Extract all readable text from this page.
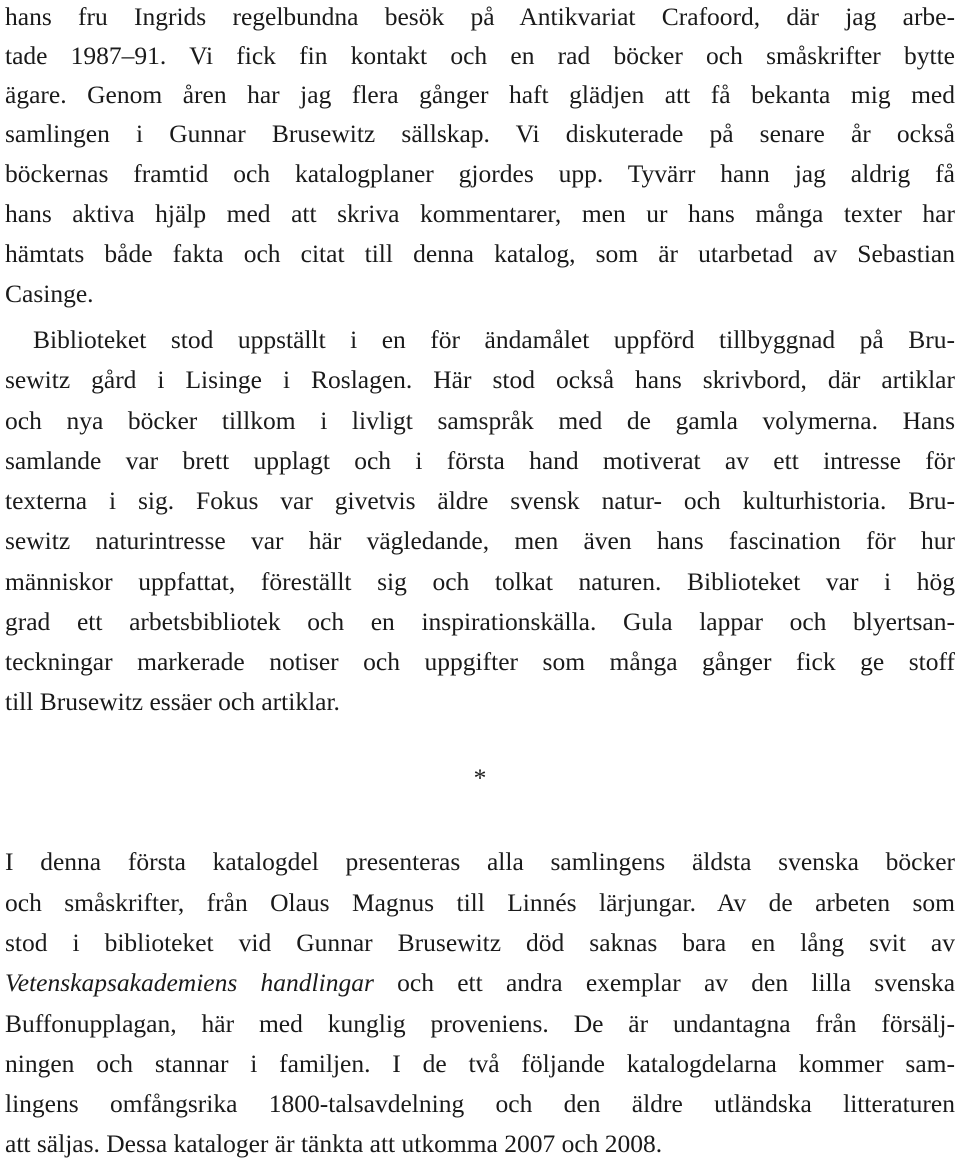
hans fru Ingrids regelbundna besök på Antikvariat Crafoord, där jag arbe-
tade 1987–91. Vi fick fin kontakt och en rad böcker och småskrifter bytte
ägare. Genom åren har jag flera gånger haft glädjen att få bekanta mig med
samlingen i Gunnar Brusewitz sällskap. Vi diskuterade på senare år också
böckernas framtid och katalogplaner gjordes upp. Tyvärr hann jag aldrig få
hans aktiva hjälp med att skriva kommentarer, men ur hans många texter har
hämtats både fakta och citat till denna katalog, som är utarbetad av Sebastian
Casinge.
Biblioteket stod uppställt i en för ändamålet uppförd tillbyggnad på Bru-
sewitz gård i Lisinge i Roslagen. Här stod också hans skrivbord, där artiklar
och nya böcker tillkom i livligt samspråk med de gamla volymerna. Hans
samlande var brett upplagt och i första hand motiverat av ett intresse för
texterna i sig. Fokus var givetvis äldre svensk natur- och kulturhistoria. Bru-
sewitz naturintresse var här vägledande, men även hans fascination för hur
människor uppfattat, föreställt sig och tolkat naturen. Biblioteket var i hög
grad ett arbetsbibliotek och en inspirationskälla. Gula lappar och blyertsan-
teckningar markerade notiser och uppgifter som många gånger fick ge stoff
till Brusewitz essäer och artiklar.
*
I denna första katalogdel presenteras alla samlingens äldsta svenska böcker
och småskrifter, från Olaus Magnus till Linnés lärjungar. Av de arbeten som
stod i biblioteket vid Gunnar Brusewitz död saknas bara en lång svit av
Vetenskapsakademiens handlingar och ett andra exemplar av den lilla svenska
Buffonupplagan, här med kunglig proveniens. De är undantagna från försälj-
ningen och stannar i familjen. I de två följande katalogdelarna kommer sam-
lingens omfångsrika 1800-talsavdelning och den äldre utländska litteraturen
att säljas. Dessa kataloger är tänkta att utkomma 2007 och 2008.
